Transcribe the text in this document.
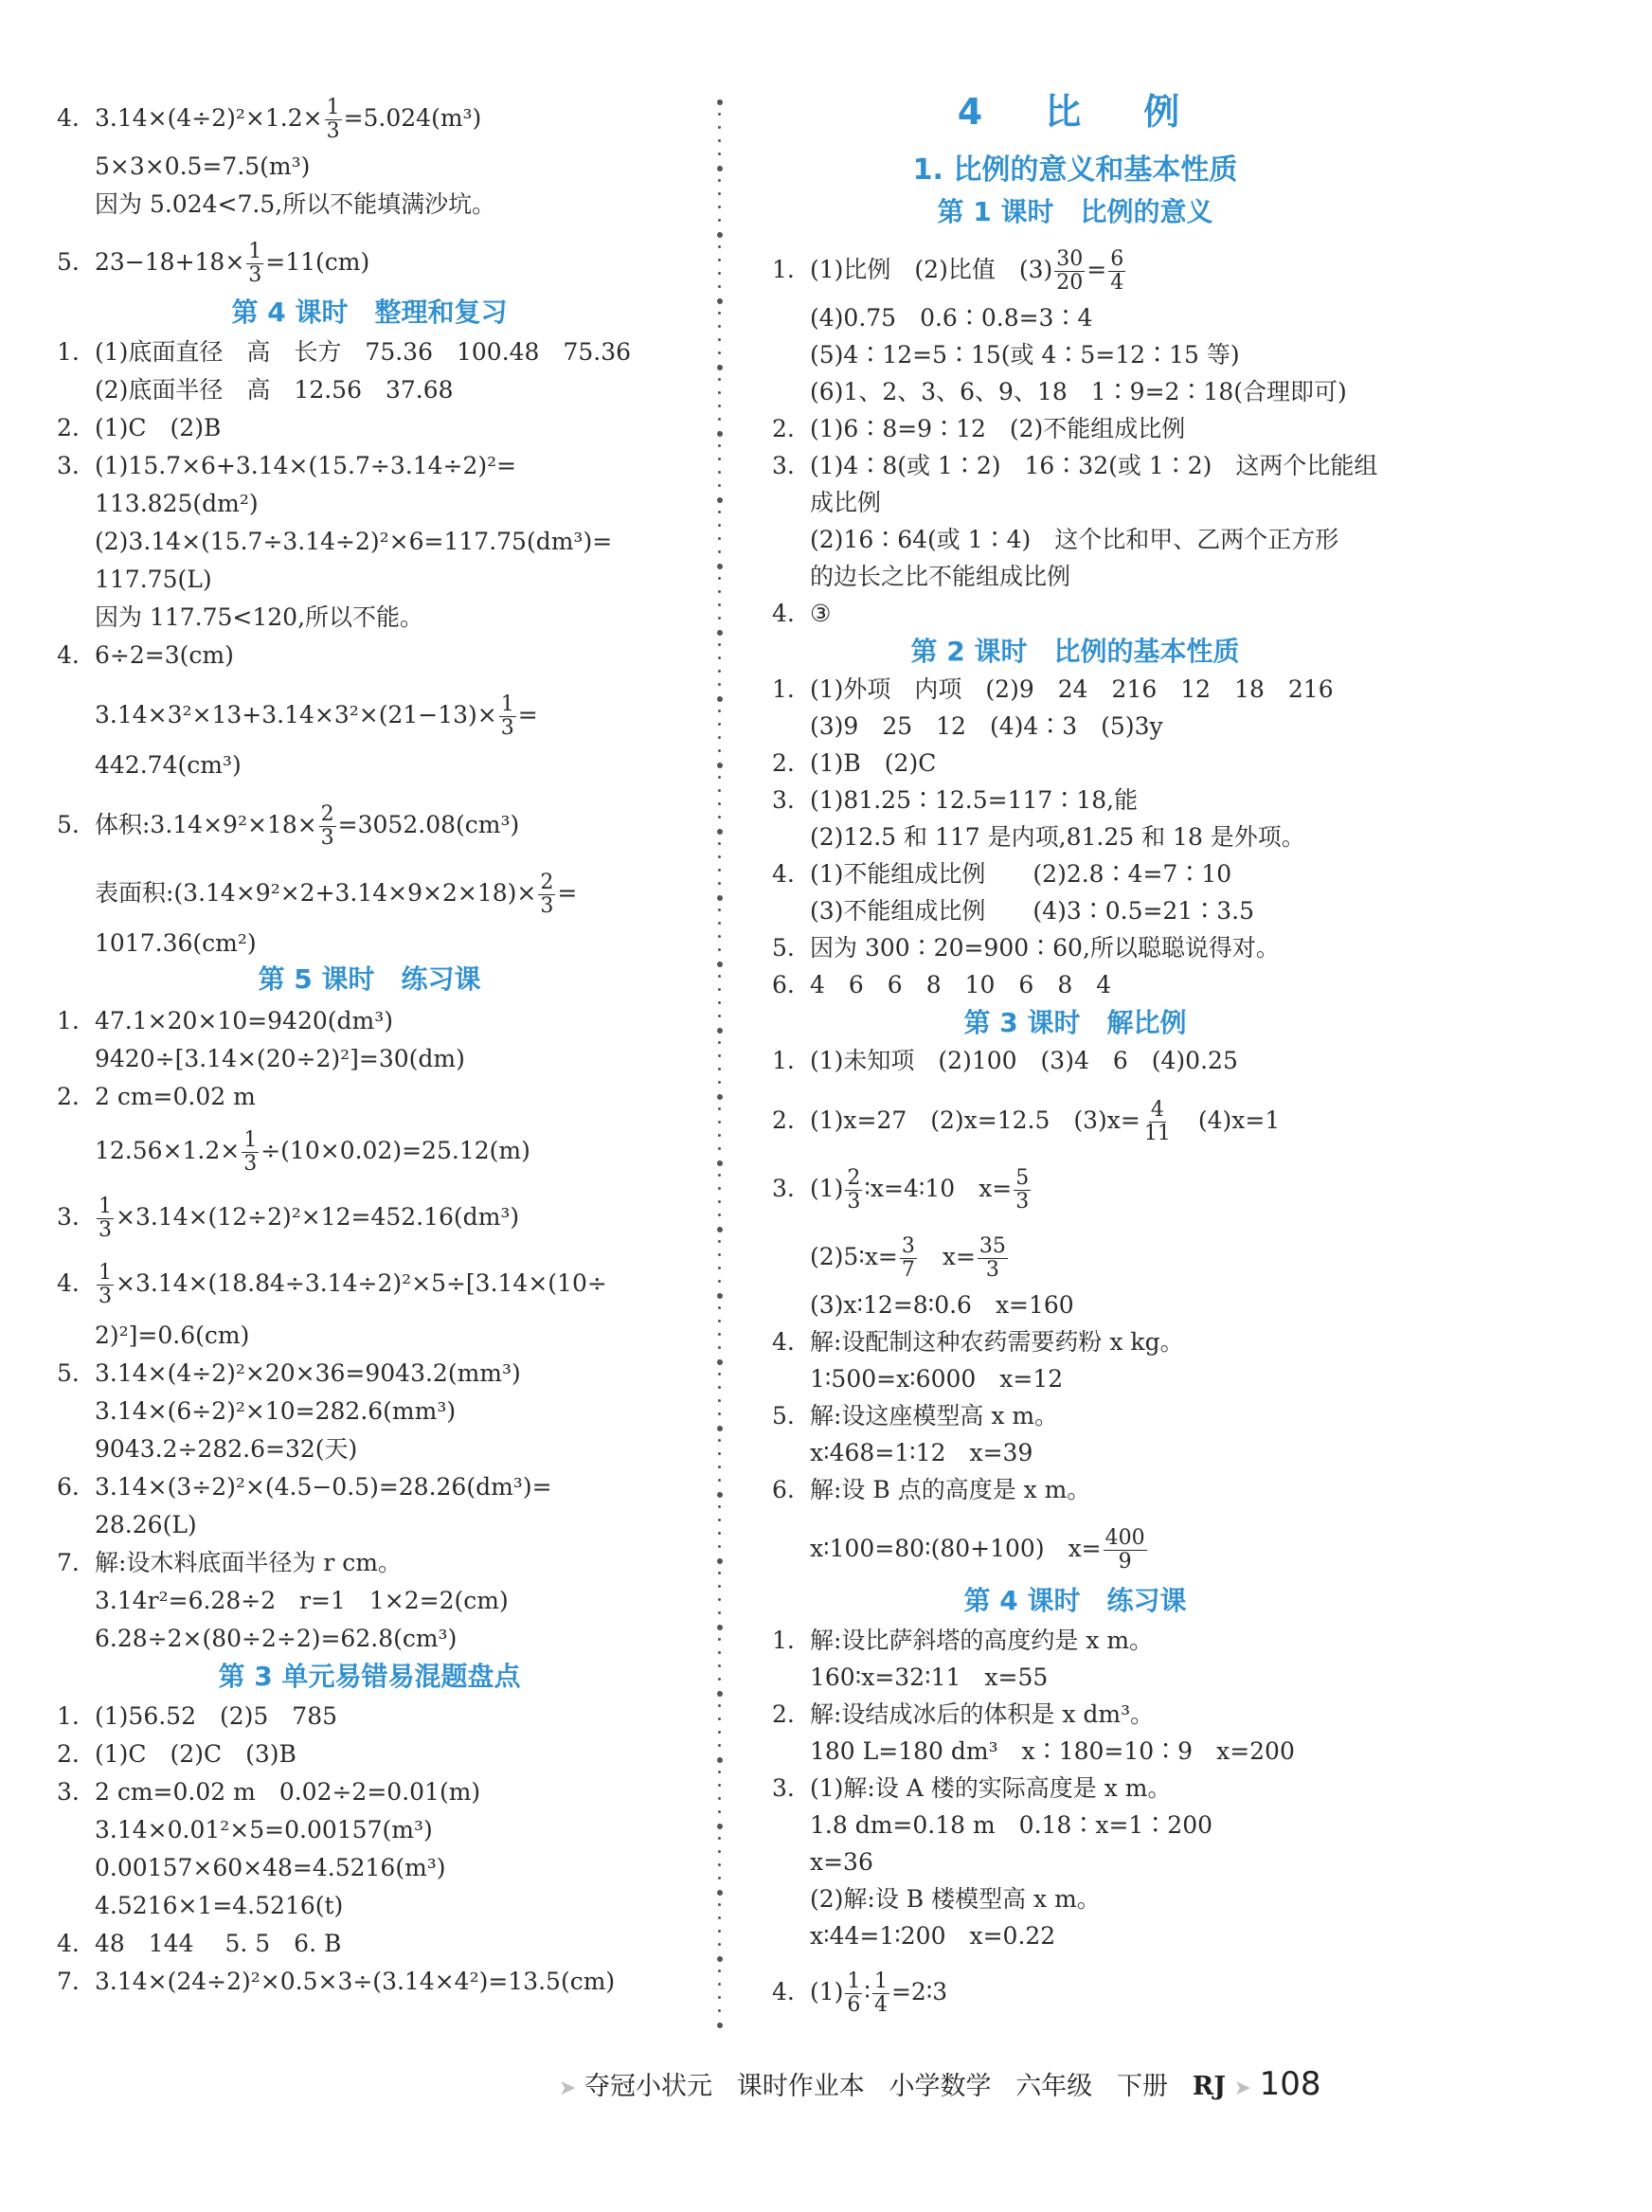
4. $3.14\times(4\div 2)^2\times 1.2\times \frac{1}{3} =5.024(m^3)$
5×3×0.5=7.5(m³)
因为 5.024<7.5,所以不能填满沙坑。
5. $23-18+18\times \frac{1}{3} =11(cm)$
第 4 课时　整理和复习
1. (1)底面直径　高　长方　75.36　100.48　75.36
(2)底面半径　高　12.56　37.68
2. (1)C　(2)B
3. (1)15.7×6+3.14×(15.7÷3.14÷2)²=
113.825(dm²)
(2)3.14×(15.7÷3.14÷2)²×6=117.75(dm³)=
117.75(L)
因为 117.75<120,所以不能。
4. 6÷2=3(cm)
$3.14\times 3^2\times 13+3.14\times 3^2\times(21-13)\times \frac{1}{3}$ =
442.74(cm³)
5. 体积:3.14×9²×18× $\frac{2}{3} =3052.08(cm^3)$
表面积:(3.14×9²×2+3.14×9×2×18)× $\frac{2}{3}$ =
1017.36(cm²)
第 5 课时　练习课
1. 47.1×20×10=9420(dm³)
9420÷[3.14×(20÷2)²]=30(dm)
2. 2 cm=0.02 m
$12.56\times 1.2\times \frac{1}{3} \div(10\times 0.02)=25.12(m)$
3. $\frac{1}{3} \times 3.14\times(12\div 2)^2\times 12=452.16(dm^3)$
4. $\frac{1}{3} \times 3.14\times(18.84\div 3.14\div 2)^2\times 5\div[3.14\times(10\div$
2)²]=0.6(cm)
5. 3.14×(4÷2)²×20×36=9043.2(mm³)
3.14×(6÷2)²×10=282.6(mm³)
9043.2÷282.6=32(天)
6. 3.14×(3÷2)²×(4.5−0.5)=28.26(dm³)=
28.26(L)
7. 解:设木料底面半径为 r cm。
3.14r²=6.28÷2　r=1　1×2=2(cm)
6.28÷2×(80÷2÷2)=62.8(cm³)
第 3 单元易错易混题盘点
1. (1)56.52　(2)5　785
2. (1)C　(2)C　(3)B
3. 2 cm=0.02 m　0.02÷2=0.01(m)
3.14×0.01²×5=0.00157(m³)
0.00157×60×48=4.5216(m³)
4.5216×1=4.5216(t)
4. 48　144　 5. 5　6. B
7. 3.14×(24÷2)²×0.5×3÷(3.14×4²)=13.5(cm)
4　比　例
1. 比例的意义和基本性质
第 1 课时　比例的意义
1. (1)比例　(2)比值　$(3) \frac{30}{20} = \frac{6}{4}$
(4)0.75　0.6∶0.8=3∶4
(5)4∶12=5∶15(或 4∶5=12∶15 等)
(6)1、2、3、6、9、18　1∶9=2∶18(合理即可)
2. (1)6∶8=9∶12　(2)不能组成比例
3. (1)4∶8(或 1∶2)　16∶32(或 1∶2)　这两个比能组
成比例
(2)16∶64(或 1∶4)　这个比和甲、乙两个正方形
的边长之比不能组成比例
4. ③
第 2 课时　比例的基本性质
1. (1)外项　内项　(2)9　24　216　12　18　216
(3)9　25　12　(4)4∶3　(5)3y
2. (1)B　(2)C
3. (1)81.25∶12.5=117∶18,能
(2)12.5 和 117 是内项,81.25 和 18 是外项。
4. (1)不能组成比例　　(2)2.8∶4=7∶10
(3)不能组成比例　　(4)3∶0.5=21∶3.5
5. 因为 300∶20=900∶60,所以聪聪说得对。
6. 4　6　6　8　10　6　8　4
第 3 课时　解比例
1. (1)未知项　(2)100　(3)4　6　(4)0.25
2. (1)x=27　(2)x=12.5　$(3)x= \frac{4}{11}$ 　(4)x=1
3. $(1) \frac{2}{3}$ ∶x=4∶10　$x= \frac{5}{3}$
(2)5∶x= $\frac{3}{7}$ 　$x= \frac{35}{3}$
(3)x∶12=8∶0.6　x=160
4. 解:设配制这种农药需要药粉 x kg。
1∶500=x∶6000　x=12
5. 解:设这座模型高 x m。
x∶468=1∶12　x=39
6. 解:设 B 点的高度是 x m。
x∶100=80∶(80+100)　$x= \frac{400}{9}$
第 4 课时　练习课
1. 解:设比萨斜塔的高度约是 x m。
160∶x=32∶11　x=55
2. 解:设结成冰后的体积是 x dm³。
180 L=180 dm³　x∶180=10∶9　x=200
3. (1)解:设 A 楼的实际高度是 x m。
1.8 dm=0.18 m　0.18∶x=1∶200
x=36
(2)解:设 B 楼模型高 x m。
x∶44=1∶200　x=0.22
4. $(1) \frac{1}{6}$ ∶ $\frac{1}{4}$ =2∶3
➤ 夺冠小状元 课时作业本 小学数学 六年级 下册 RJ ➤ 108
